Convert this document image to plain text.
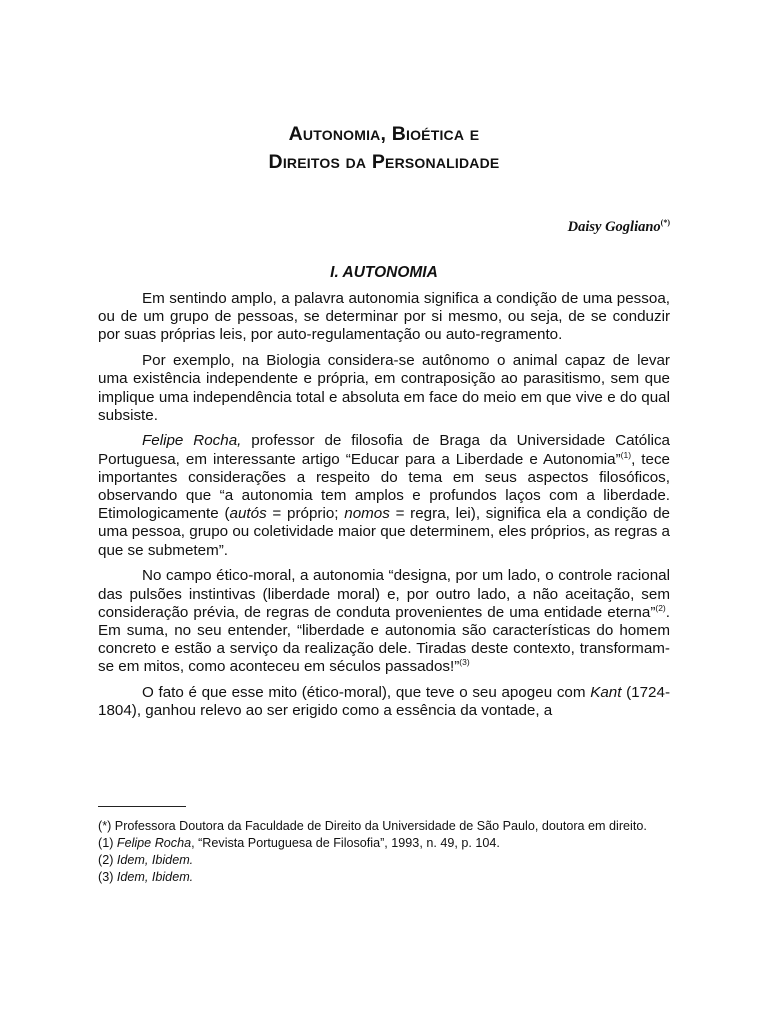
Autonomia, Bioética e
Direitos da Personalidade
Daisy Gogliano(*)
I. AUTONOMIA

Em sentindo amplo, a palavra autonomia significa a condição de uma pessoa, ou de um grupo de pessoas, se determinar por si mesmo, ou seja, de se conduzir por suas próprias leis, por auto-regulamentação ou auto-regramento.

Por exemplo, na Biologia considera-se autônomo o animal capaz de levar uma existência independente e própria, em contraposição ao parasitismo, sem que implique uma independência total e absoluta em face do meio em que vive e do qual subsiste.

Felipe Rocha, professor de filosofia de Braga da Universidade Católica Portuguesa, em interessante artigo “Educar para a Liberdade e Autonomia”$^{(1)}$, tece importantes considerações a respeito do tema em seus aspectos filosóficos, observando que “a autonomia tem amplos e profundos laços com a liberdade. Etimologicamente (autós = próprio; nomos = regra, lei), significa ela a condição de uma pessoa, grupo ou coletividade maior que determinem, eles próprios, as regras a que se submetem”.

No campo ético-moral, a autonomia “designa, por um lado, o controle racional das pulsões instintivas (liberdade moral) e, por outro lado, a não aceitação, sem consideração prévia, de regras de conduta provenientes de uma entidade eterna”$^{(2)}$. Em suma, no seu entender, “liberdade e autonomia são características do homem concreto e estão a serviço da realização dele. Tiradas deste contexto, transformam-se em mitos, como aconteceu em séculos passados!”$^{(3)}$

O fato é que esse mito (ético-moral), que teve o seu apogeu com Kant (1724-1804), ganhou relevo ao ser erigido como a essência da vontade, a

(*) Professora Doutora da Faculdade de Direito da Universidade de São Paulo, doutora em direito.
(1) Felipe Rocha, “Revista Portuguesa de Filosofia”, 1993, n. 49, p. 104.
(2) Idem, Ibidem.
(3) Idem, Ibidem.
